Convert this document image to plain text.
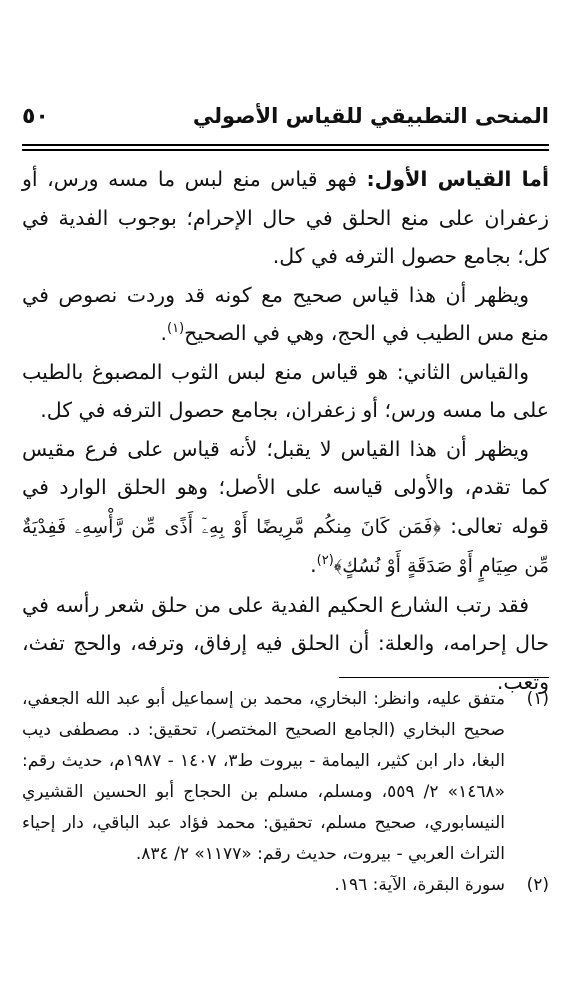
المنحى التطبيقي للقياس الأصولي
٥٠

أما القياس الأول: فهو قياس منع لبس ما مسه ورس، أو زعفران على منع الحلق في حال الإحرام؛ بوجوب الفدية في كل؛ بجامع حصول الترفه في كل.

ويظهر أن هذا قياس صحيح مع كونه قد وردت نصوص في منع مس الطيب في الحج، وهي في الصحيح$^{(١)}$.

والقياس الثاني: هو قياس منع لبس الثوب المصبوغ بالطيب على ما مسه ورس؛ أو زعفران، بجامع حصول الترفه في كل.

ويظهر أن هذا القياس لا يقبل؛ لأنه قياس على فرع مقيس كما تقدم، والأولى قياسه على الأصل؛ وهو الحلق الوارد في قوله تعالى: ﴿فَمَن كَانَ مِنكُم مَّرِيضًا أَوْ بِهِۦٓ أَذًى مِّن رَّأْسِهِۦ فَفِدْيَةٌ مِّن صِيَامٍ أَوْ صَدَقَةٍ أَوْ نُسُكٍ﴾$^{(٢)}$.

فقد رتب الشارع الحكيم الفدية على من حلق شعر رأسه في حال إحرامه، والعلة: أن الحلق فيه إرفاق، وترفه، والحج تفث، وتعب.

(١)
متفق عليه، وانظر: البخاري، محمد بن إسماعيل أبو عبد الله الجعفي، صحيح البخاري (الجامع الصحيح المختصر)، تحقيق: د. مصطفى ديب البغا، دار ابن كثير، اليمامة - بيروت ط٣، ١٤٠٧ - ١٩٨٧م، حديث رقم: «١٤٦٨» ٢/ ٥٥٩، ومسلم، مسلم بن الحجاج أبو الحسين القشيري النيسابوري، صحيح مسلم، تحقيق: محمد فؤاد عبد الباقي، دار إحياء التراث العربي - بيروت، حديث رقم: «١١٧٧» ٢/ ٨٣٤.
(٢)
سورة البقرة، الآية: ١٩٦.
